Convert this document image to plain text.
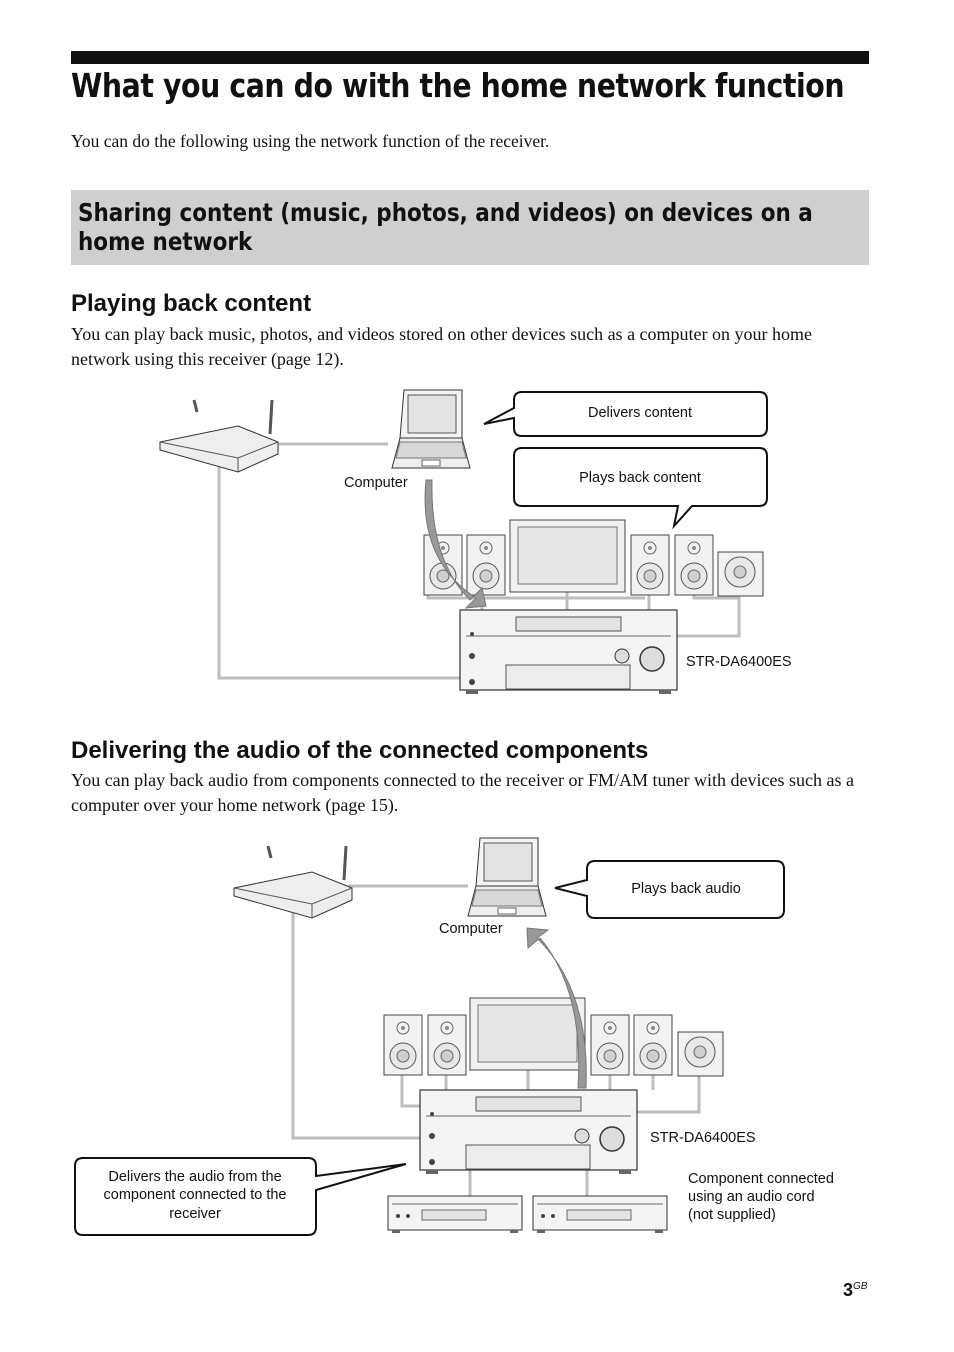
What you can do with the home network function

You can do the following using the network function of the receiver.

Sharing content (music, photos, and videos) on devices on a home network
Playing back content

You can play back music, photos, and videos stored on other devices such as a computer on your home network using this receiver (page 12).

Delivering the audio of the connected components

You can play back audio from components connected to the receiver or FM/AM tuner with devices such as a computer over your home network (page 15).

Delivers content
Plays back content
Computer
STR-DA6400ES
Plays back audio
Delivers the audio from the
component connected to the
receiver
Computer
STR-DA6400ES
Component connected
using an audio cord
(not supplied)
$3^{GB}$
